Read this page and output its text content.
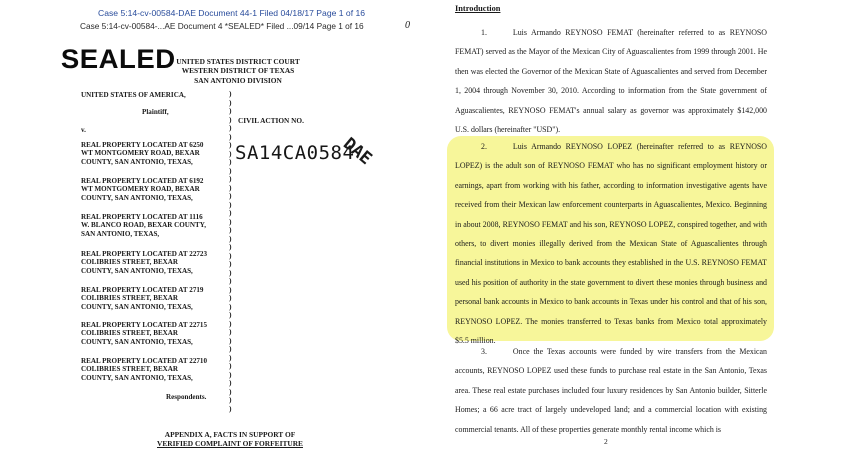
Case 5:14-cv-00584-DAE Document 44-1 Filed 04/18/17 Page 1 of 16
Case 5:14-cv-00584-...AE Document 4 *SEALED* Filed ...09/14 Page 1 of 16	0
SEALED UNITED STATES DISTRICT COURT
WESTERN DISTRICT OF TEXAS
SAN ANTONIO DIVISION
UNITED STATES OF AMERICA,
Plaintiff,
v.
REAL PROPERTY LOCATED AT 6250
WT MONTGOMERY ROAD, BEXAR
COUNTY, SAN ANTONIO, TEXAS,
REAL PROPERTY LOCATED AT 6192
WT MONTGOMERY ROAD, BEXAR
COUNTY, SAN ANTONIO, TEXAS,
REAL PROPERTY LOCATED AT 1116
W. BLANCO ROAD, BEXAR COUNTY,
SAN ANTONIO, TEXAS,
REAL PROPERTY LOCATED AT 22723
COLIBRIES STREET, BEXAR
COUNTY, SAN ANTONIO, TEXAS,
REAL PROPERTY LOCATED AT 2719
COLIBRIES STREET, BEXAR
COUNTY, SAN ANTONIO, TEXAS,
REAL PROPERTY LOCATED AT 22715
COLIBRIES STREET, BEXAR
COUNTY, SAN ANTONIO, TEXAS,
REAL PROPERTY LOCATED AT 22710
COLIBRIES STREET, BEXAR
COUNTY, SAN ANTONIO, TEXAS,
Respondents.
)
)
)
)
)
)
)
)
)
)
)
)
)
)
)
)
)
)
)
)
)
)
)
)
)
)
)
)
)
)
)
)
)
)
)
)
)
)
CIVIL ACTION NO.
SA14CA0584
DAE
APPENDIX A, FACTS IN SUPPORT OF
VERIFIED COMPLAINT OF FORFEITURE
Introduction
1.	Luis Armando REYNOSO FEMAT (hereinafter referred to as REYNOSO FEMAT) served as the Mayor of the Mexican City of Aguascalientes from 1999 through 2001. He then was elected the Governor of the Mexican State of Aguascalientes and served from December 1, 2004 through November 30, 2010. According to information from the State government of Aguascalientes, REYNOSO FEMAT's annual salary as governor was approximately $142,000 U.S. dollars (hereinafter "USD").
2.	Luis Armando REYNOSO LOPEZ (hereinafter referred to as REYNOSO LOPEZ) is the adult son of REYNOSO FEMAT who has no significant employment history or earnings, apart from working with his father, according to information investigative agents have received from their Mexican law enforcement counterparts in Aguascalientes, Mexico. Beginning in about 2008, REYNOSO FEMAT and his son, REYNOSO LOPEZ, conspired together, and with others, to divert monies illegally derived from the Mexican State of Aguascalientes through financial institutions in Mexico to bank accounts they established in the U.S. REYNOSO FEMAT used his position of authority in the state government to divert these monies through business and personal bank accounts in Mexico to bank accounts in Texas under his control and that of his son, REYNOSO LOPEZ. The monies transferred to Texas banks from Mexico total approximately $5.5 million.
3.	Once the Texas accounts were funded by wire transfers from the Mexican accounts, REYNOSO LOPEZ used these funds to purchase real estate in the San Antonio, Texas area. These real estate purchases included four luxury residences by San Antonio builder, Sitterle Homes; a 66 acre tract of largely undeveloped land; and a commercial location with existing commercial tenants. All of these properties generate monthly rental income which is
2
